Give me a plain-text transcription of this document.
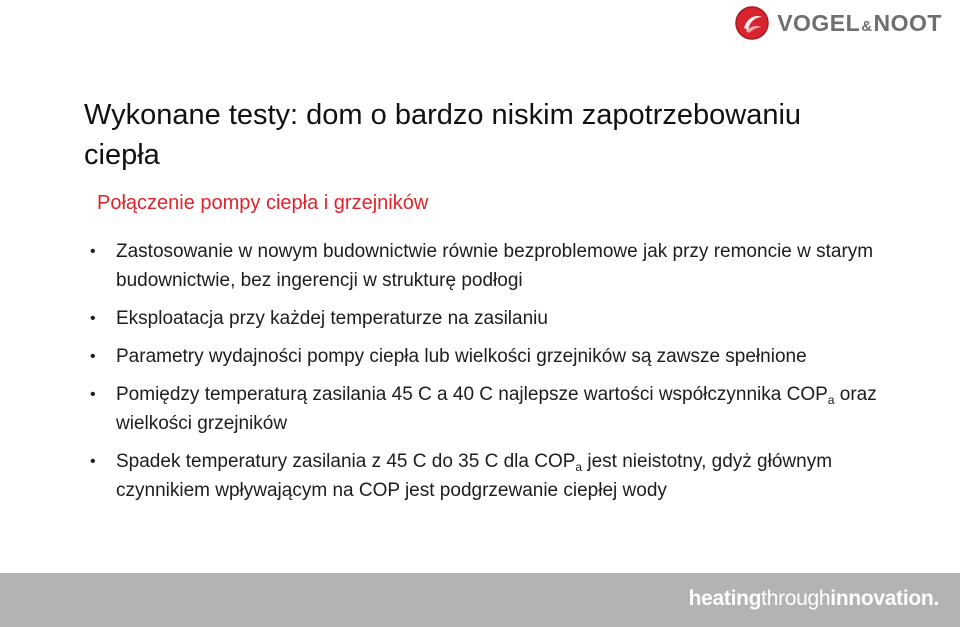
VOGEL & NOOT
Wykonane testy: dom o bardzo niskim zapotrzebowaniu ciepła
Połączenie pompy ciepła i grzejników
• Zastosowanie w nowym budownictwie równie bezproblemowe jak przy remoncie w starym budownictwie, bez ingerencji w strukturę podłogi
• Eksploatacja przy każdej temperaturze na zasilaniu
• Parametry wydajności pompy ciepła lub wielkości grzejników są zawsze spełnione
• Pomiędzy temperaturą zasilania 45 C a 40 C najlepsze wartości współczynnika $COP_a$ oraz wielkości grzejników
• Spadek temperatury zasilania z 45 C do 35 C dla $COP_a$ jest nieistotny, gdyż głównym czynnikiem wpływającym na COP jest podgrzewanie ciepłej wody
heatingthroughinnovation.
